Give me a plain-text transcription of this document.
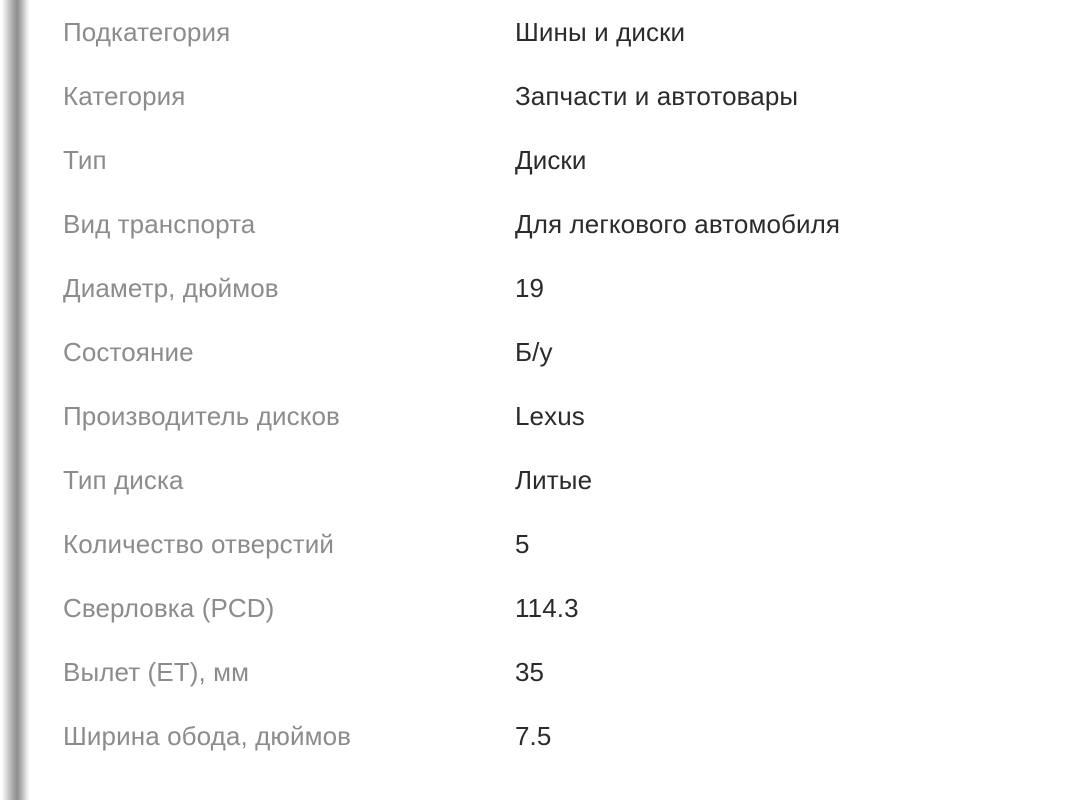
Подкатегория	Шины и диски
Категория	Запчасти и автотовары
Тип	Диски
Вид транспорта	Для легкового автомобиля
Диаметр, дюймов	19
Состояние	Б/у
Производитель дисков	Lexus
Тип диска	Литые
Количество отверстий	5
Сверловка (PCD)	114.3
Вылет (ET), мм	35
Ширина обода, дюймов	7.5
